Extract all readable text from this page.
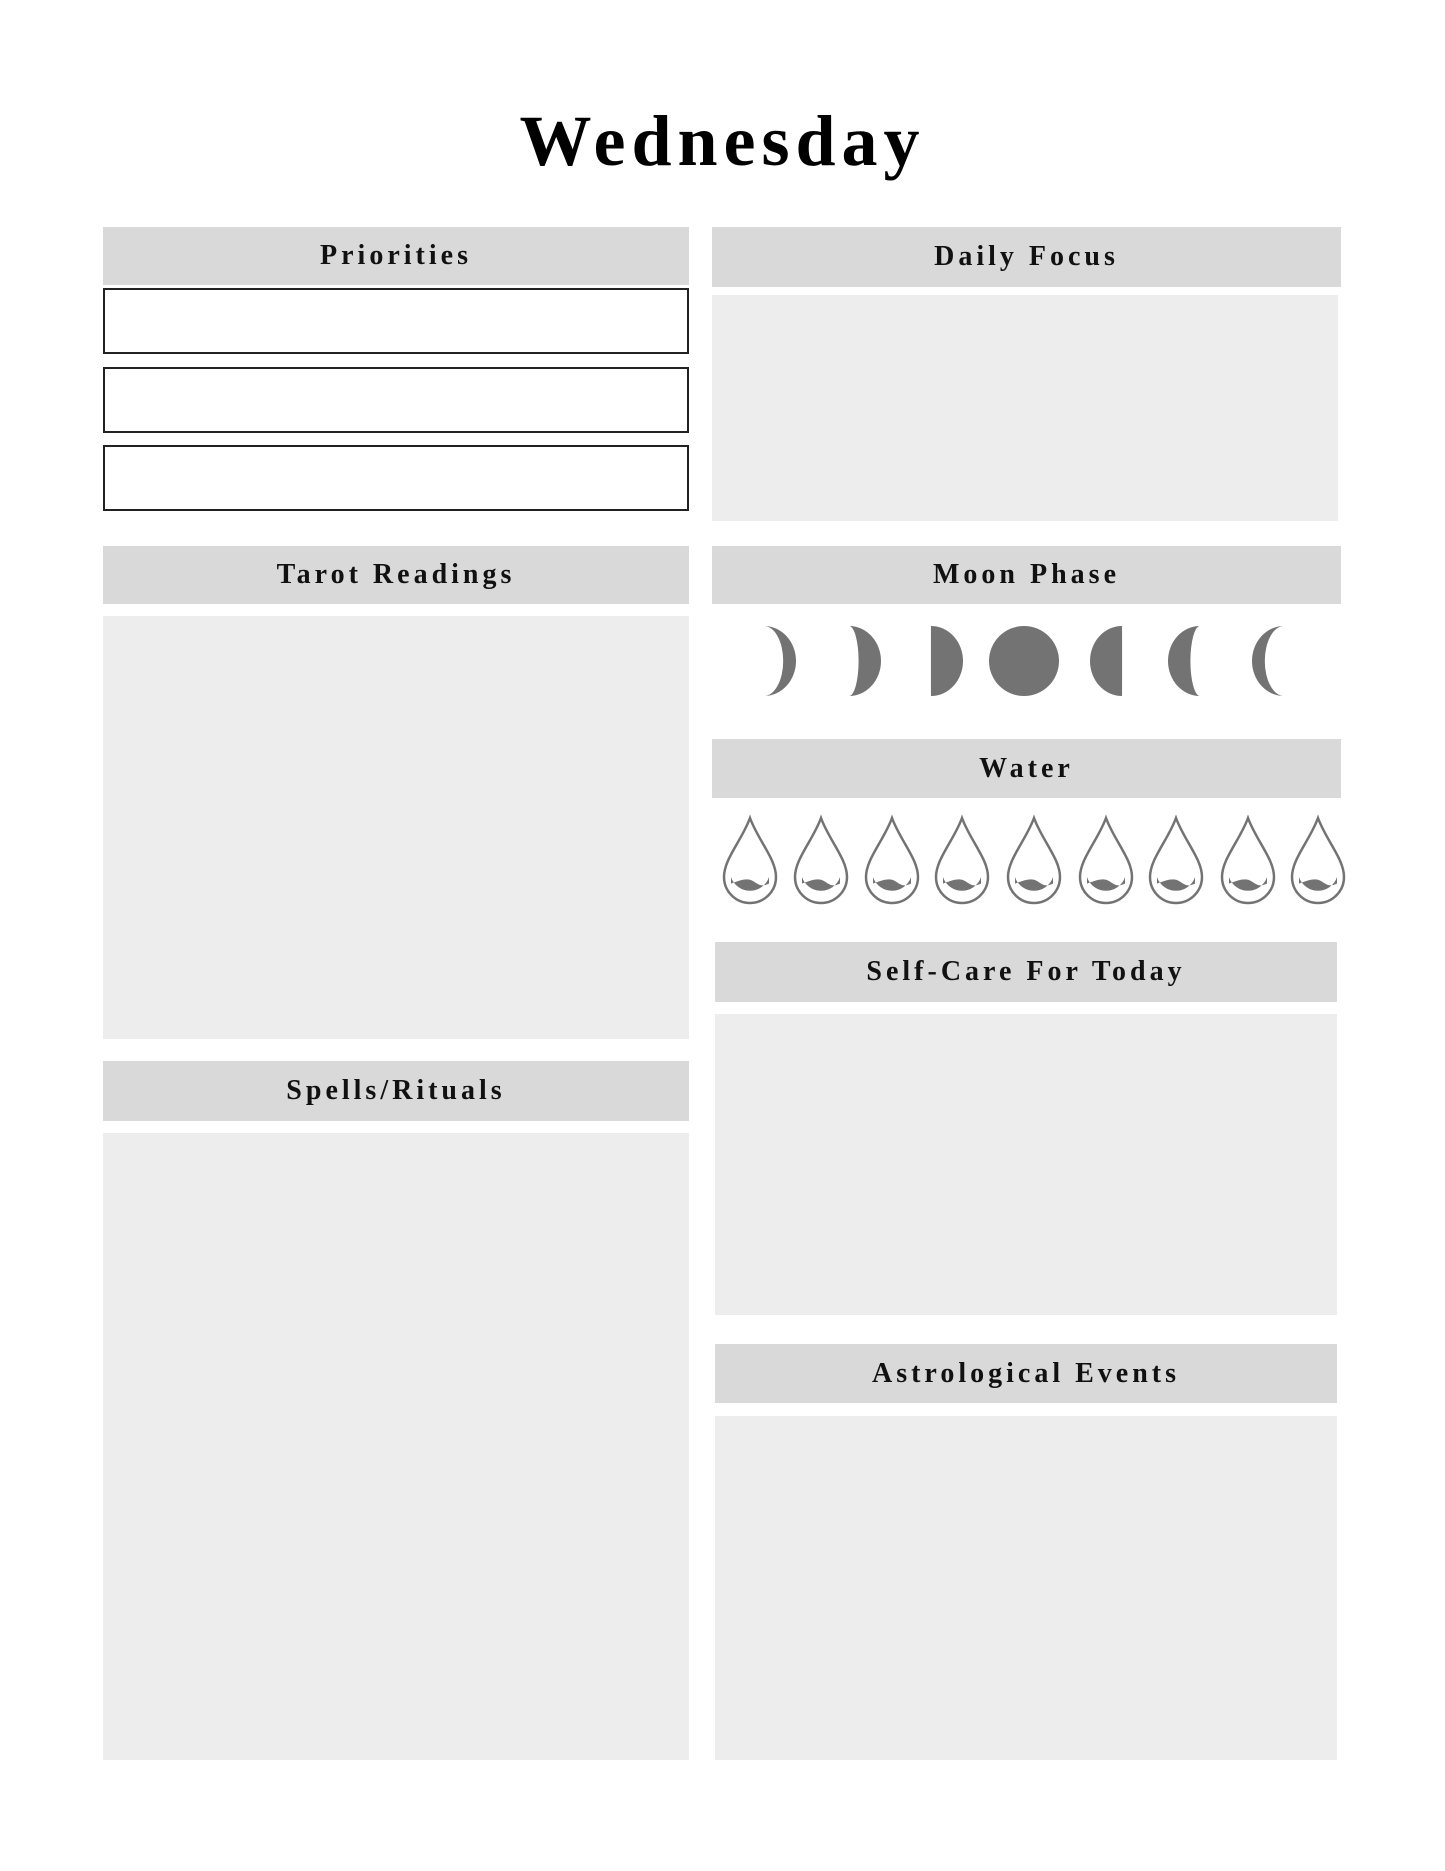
Wednesday
Priorities
Tarot Readings
Spells/Rituals
Daily Focus
Moon Phase
Water
Self-Care For Today
Astrological Events
